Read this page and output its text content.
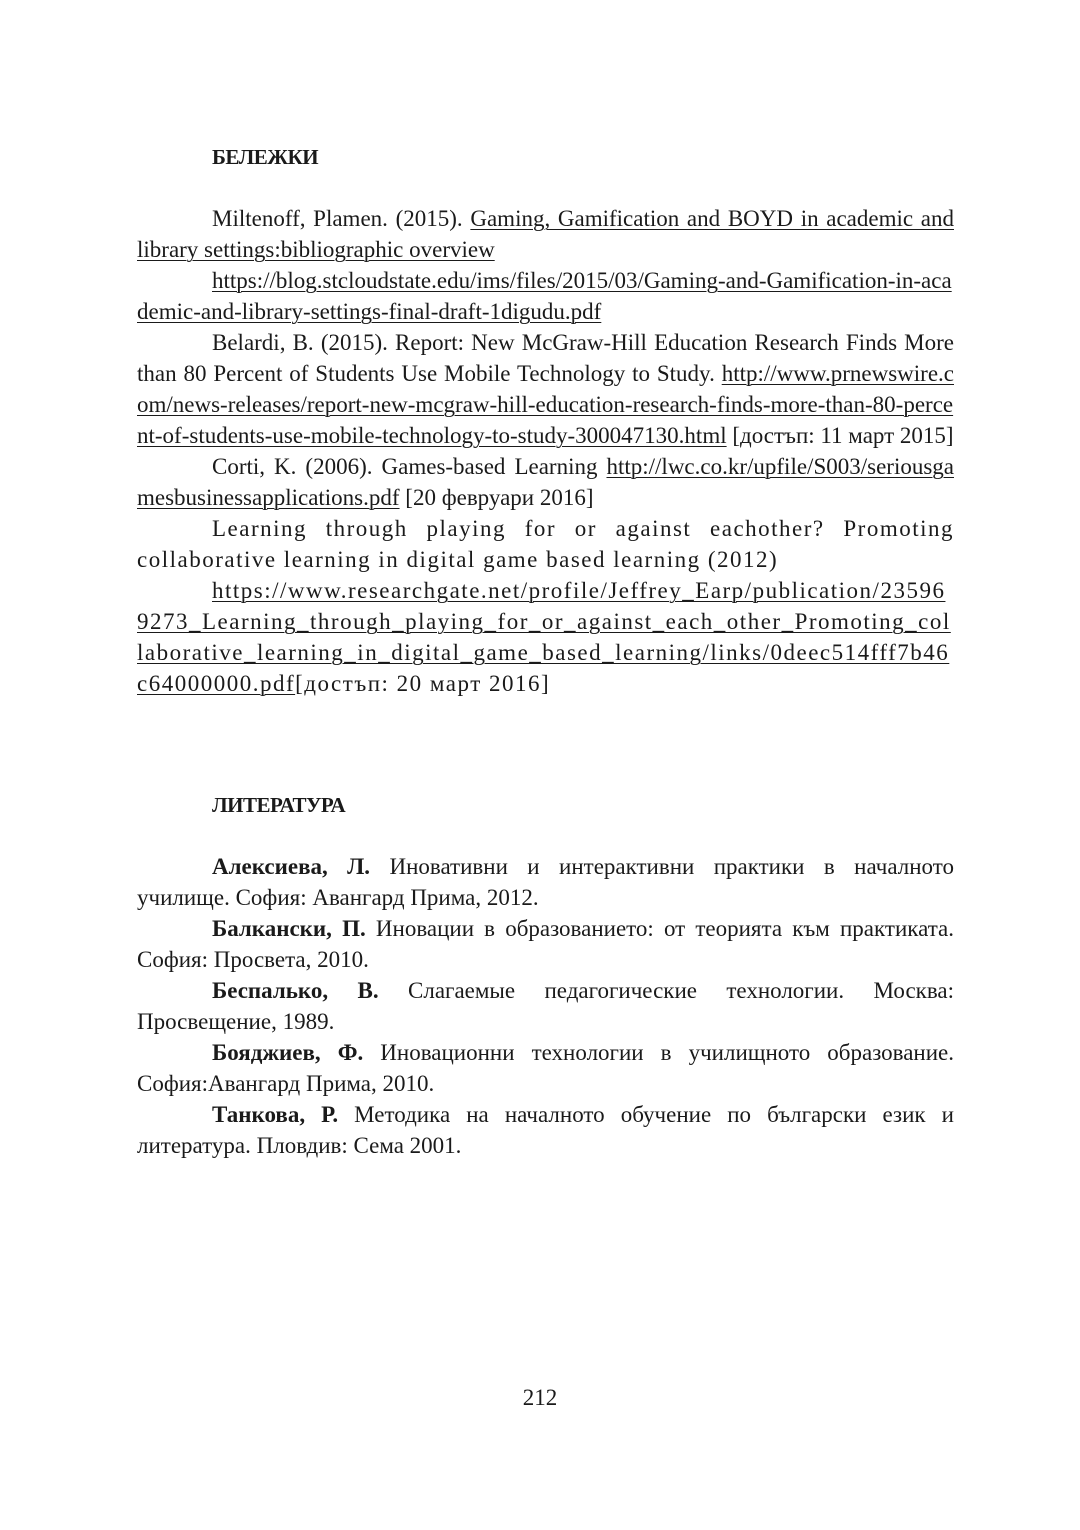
БЕЛЕЖКИ

Miltenoff, Plamen. (2015). Gaming, Gamification and BOYD in academic and library settings:bibliographic overview

https://blog.stcloudstate.edu/ims/files/2015/03/Gaming-and-Gamification-in-academic-and-library-settings-final-draft-1digudu.pdf

Belardi, B. (2015). Report: New McGraw-Hill Education Research Finds More than 80 Percent of Students Use Mobile Technology to Study. http://www.prnewswire.com/news-releases/report-new-mcgraw-hill-education-research-finds-more-than-80-percent-of-students-use-mobile-technology-to-study-300047130.html [достъп: 11 март 2015]

Corti, K. (2006). Games-based Learning http://lwc.co.kr/upfile/S003/seriousgamesbusinessapplications.pdf [20 февруари 2016]

Learning through playing for or against eachother? Promoting collaborative learning in digital game based learning (2012)

https://www.researchgate.net/profile/Jeffrey_Earp/publication/235969273_Learning_through_playing_for_or_against_each_other_Promoting_collaborative_learning_in_digital_game_based_learning/links/0deec514fff7b46c64000000.pdf[достъп: 20 март 2016]

ЛИТЕРАТУРА

Алексиева, Л. Иновативни и интерактивни практики в началното училище. София: Авангард Прима, 2012.

Балкански, П. Иновации в образованието: от теорията към практиката. София: Просвета, 2010.

Беспалько, В. Слагаемые педагогические технологии. Москва: Просвещение, 1989.

Бояджиев, Ф. Иновационни технологии в училищното образование. София:Авангард Прима, 2010.

Танкова, Р. Методика на началното обучение по български език и литература. Пловдив: Сема 2001.

212
